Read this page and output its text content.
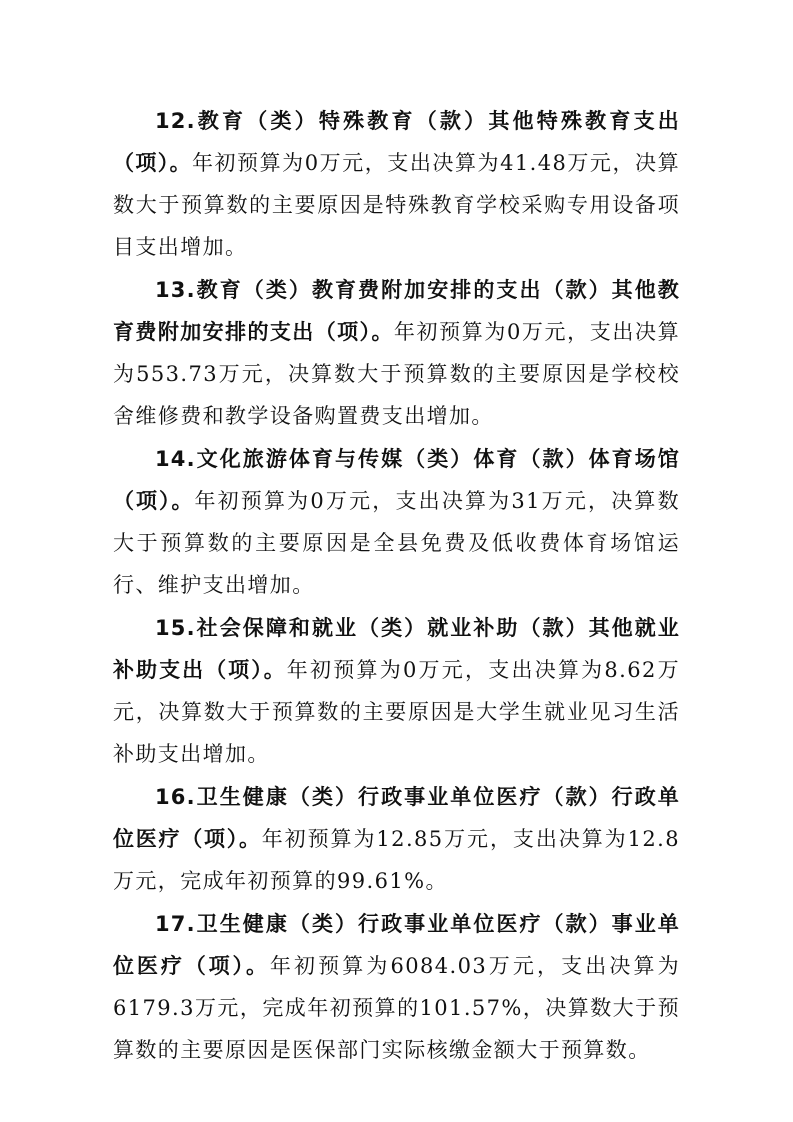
12.教育（类）特殊教育（款）其他特殊教育支出（项）。年初预算为0万元，支出决算为41.48万元，决算数大于预算数的主要原因是特殊教育学校采购专用设备项目支出增加。

13.教育（类）教育费附加安排的支出（款）其他教育费附加安排的支出（项）。年初预算为0万元，支出决算为553.73万元，决算数大于预算数的主要原因是学校校舍维修费和教学设备购置费支出增加。

14.文化旅游体育与传媒（类）体育（款）体育场馆（项）。年初预算为0万元，支出决算为31万元，决算数大于预算数的主要原因是全县免费及低收费体育场馆运行、维护支出增加。

15.社会保障和就业（类）就业补助（款）其他就业补助支出（项）。年初预算为0万元，支出决算为8.62万元，决算数大于预算数的主要原因是大学生就业见习生活补助支出增加。

16.卫生健康（类）行政事业单位医疗（款）行政单位医疗（项）。年初预算为12.85万元，支出决算为12.8万元，完成年初预算的99.61%。

17.卫生健康（类）行政事业单位医疗（款）事业单位医疗（项）。年初预算为6084.03万元，支出决算为6179.3万元，完成年初预算的101.57%，决算数大于预算数的主要原因是医保部门实际核缴金额大于预算数。
